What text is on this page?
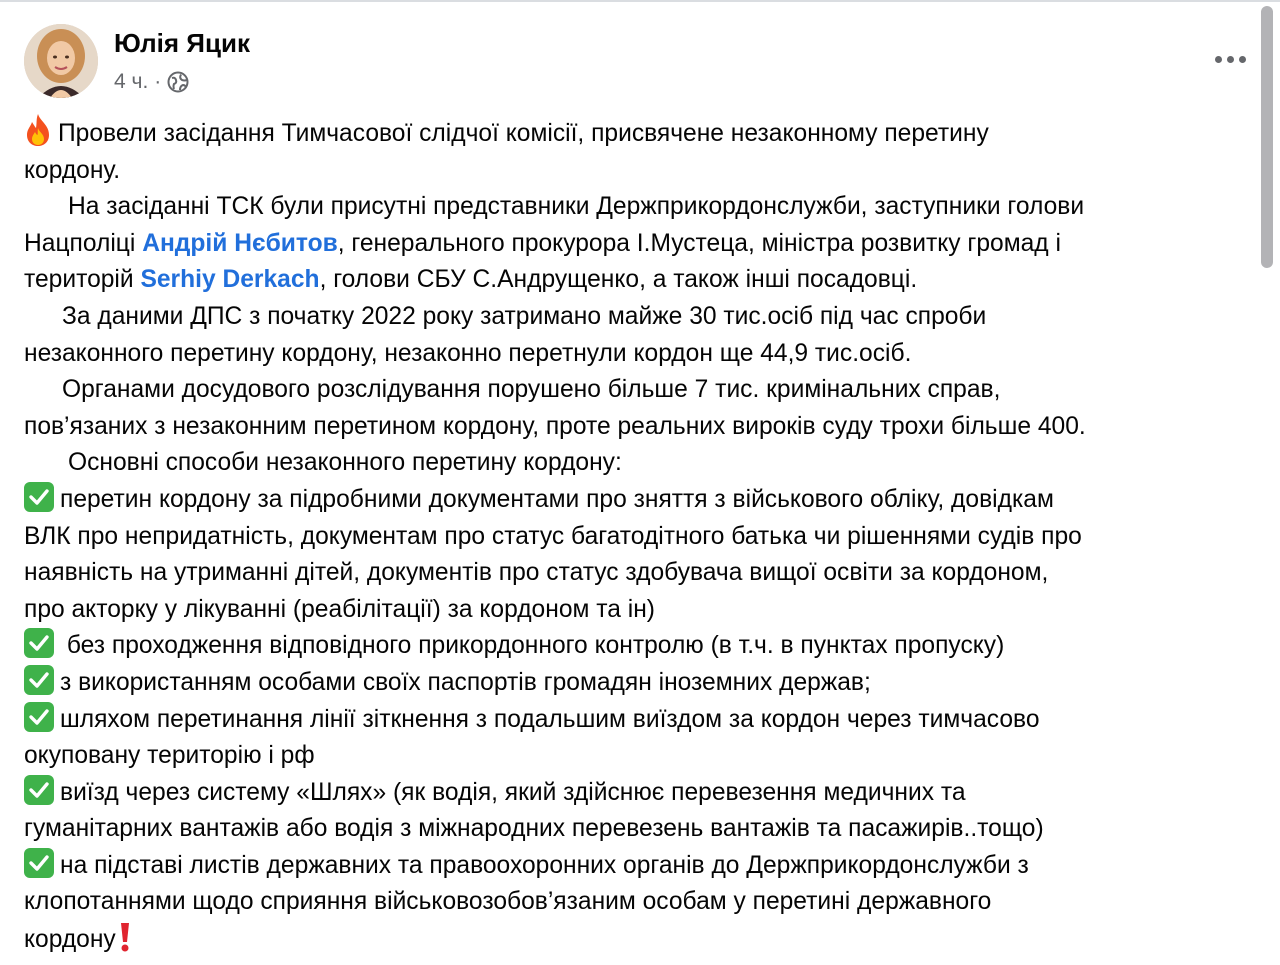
Юлія Яцик
4 ч. ·

Провели засідання Тимчасової слідчої комісії, присвячене незаконному перетину

кордону.

На засіданні ТСК були присутні представники Держприкордонслужби, заступники голови

Нацполіці Андрій Нєбитов, генерального прокурора І.Мустеца, міністра розвитку громад і

територій Serhiy Derkach, голови СБУ С.Андрущенко, а також інші посадовці.

За даними ДПС з початку 2022 року затримано майже 30 тис.осіб під час спроби

незаконного перетину кордону, незаконно перетнули кордон ще 44,9 тис.осіб.

Органами досудового розслідування порушено більше 7 тис. кримінальних справ,

пов’язаних з незаконним перетином кордону, проте реальних вироків суду трохи більше 400.

Основні способи незаконного перетину кордону:

перетин кордону за підробними документами про зняття з військового обліку, довідкам

ВЛК про непридатність, документам про статус багатодітного батька чи рішеннями судів про

наявність на утриманні дітей, документів про статус здобувача вищої освіти за кордоном,

про акторку у лікуванні (реабілітації) за кордоном та ін)

без проходження відповідного прикордонного контролю (в т.ч. в пунктах пропуску)

з використанням особами своїх паспортів громадян іноземних держав;

шляхом перетинання лінії зіткнення з подальшим виїздом за кордон через тимчасово

окуповану територію і рф

виїзд через систему «Шлях» (як водія, який здійснює перевезення медичних та

гуманітарних вантажів або водія з міжнародних перевезень вантажів та пасажирів..тощо)

на підставі листів державних та правоохоронних органів до Держприкордонслужби з

клопотаннями щодо сприяння військовозобов’язаним особам у перетині державного

кордону
